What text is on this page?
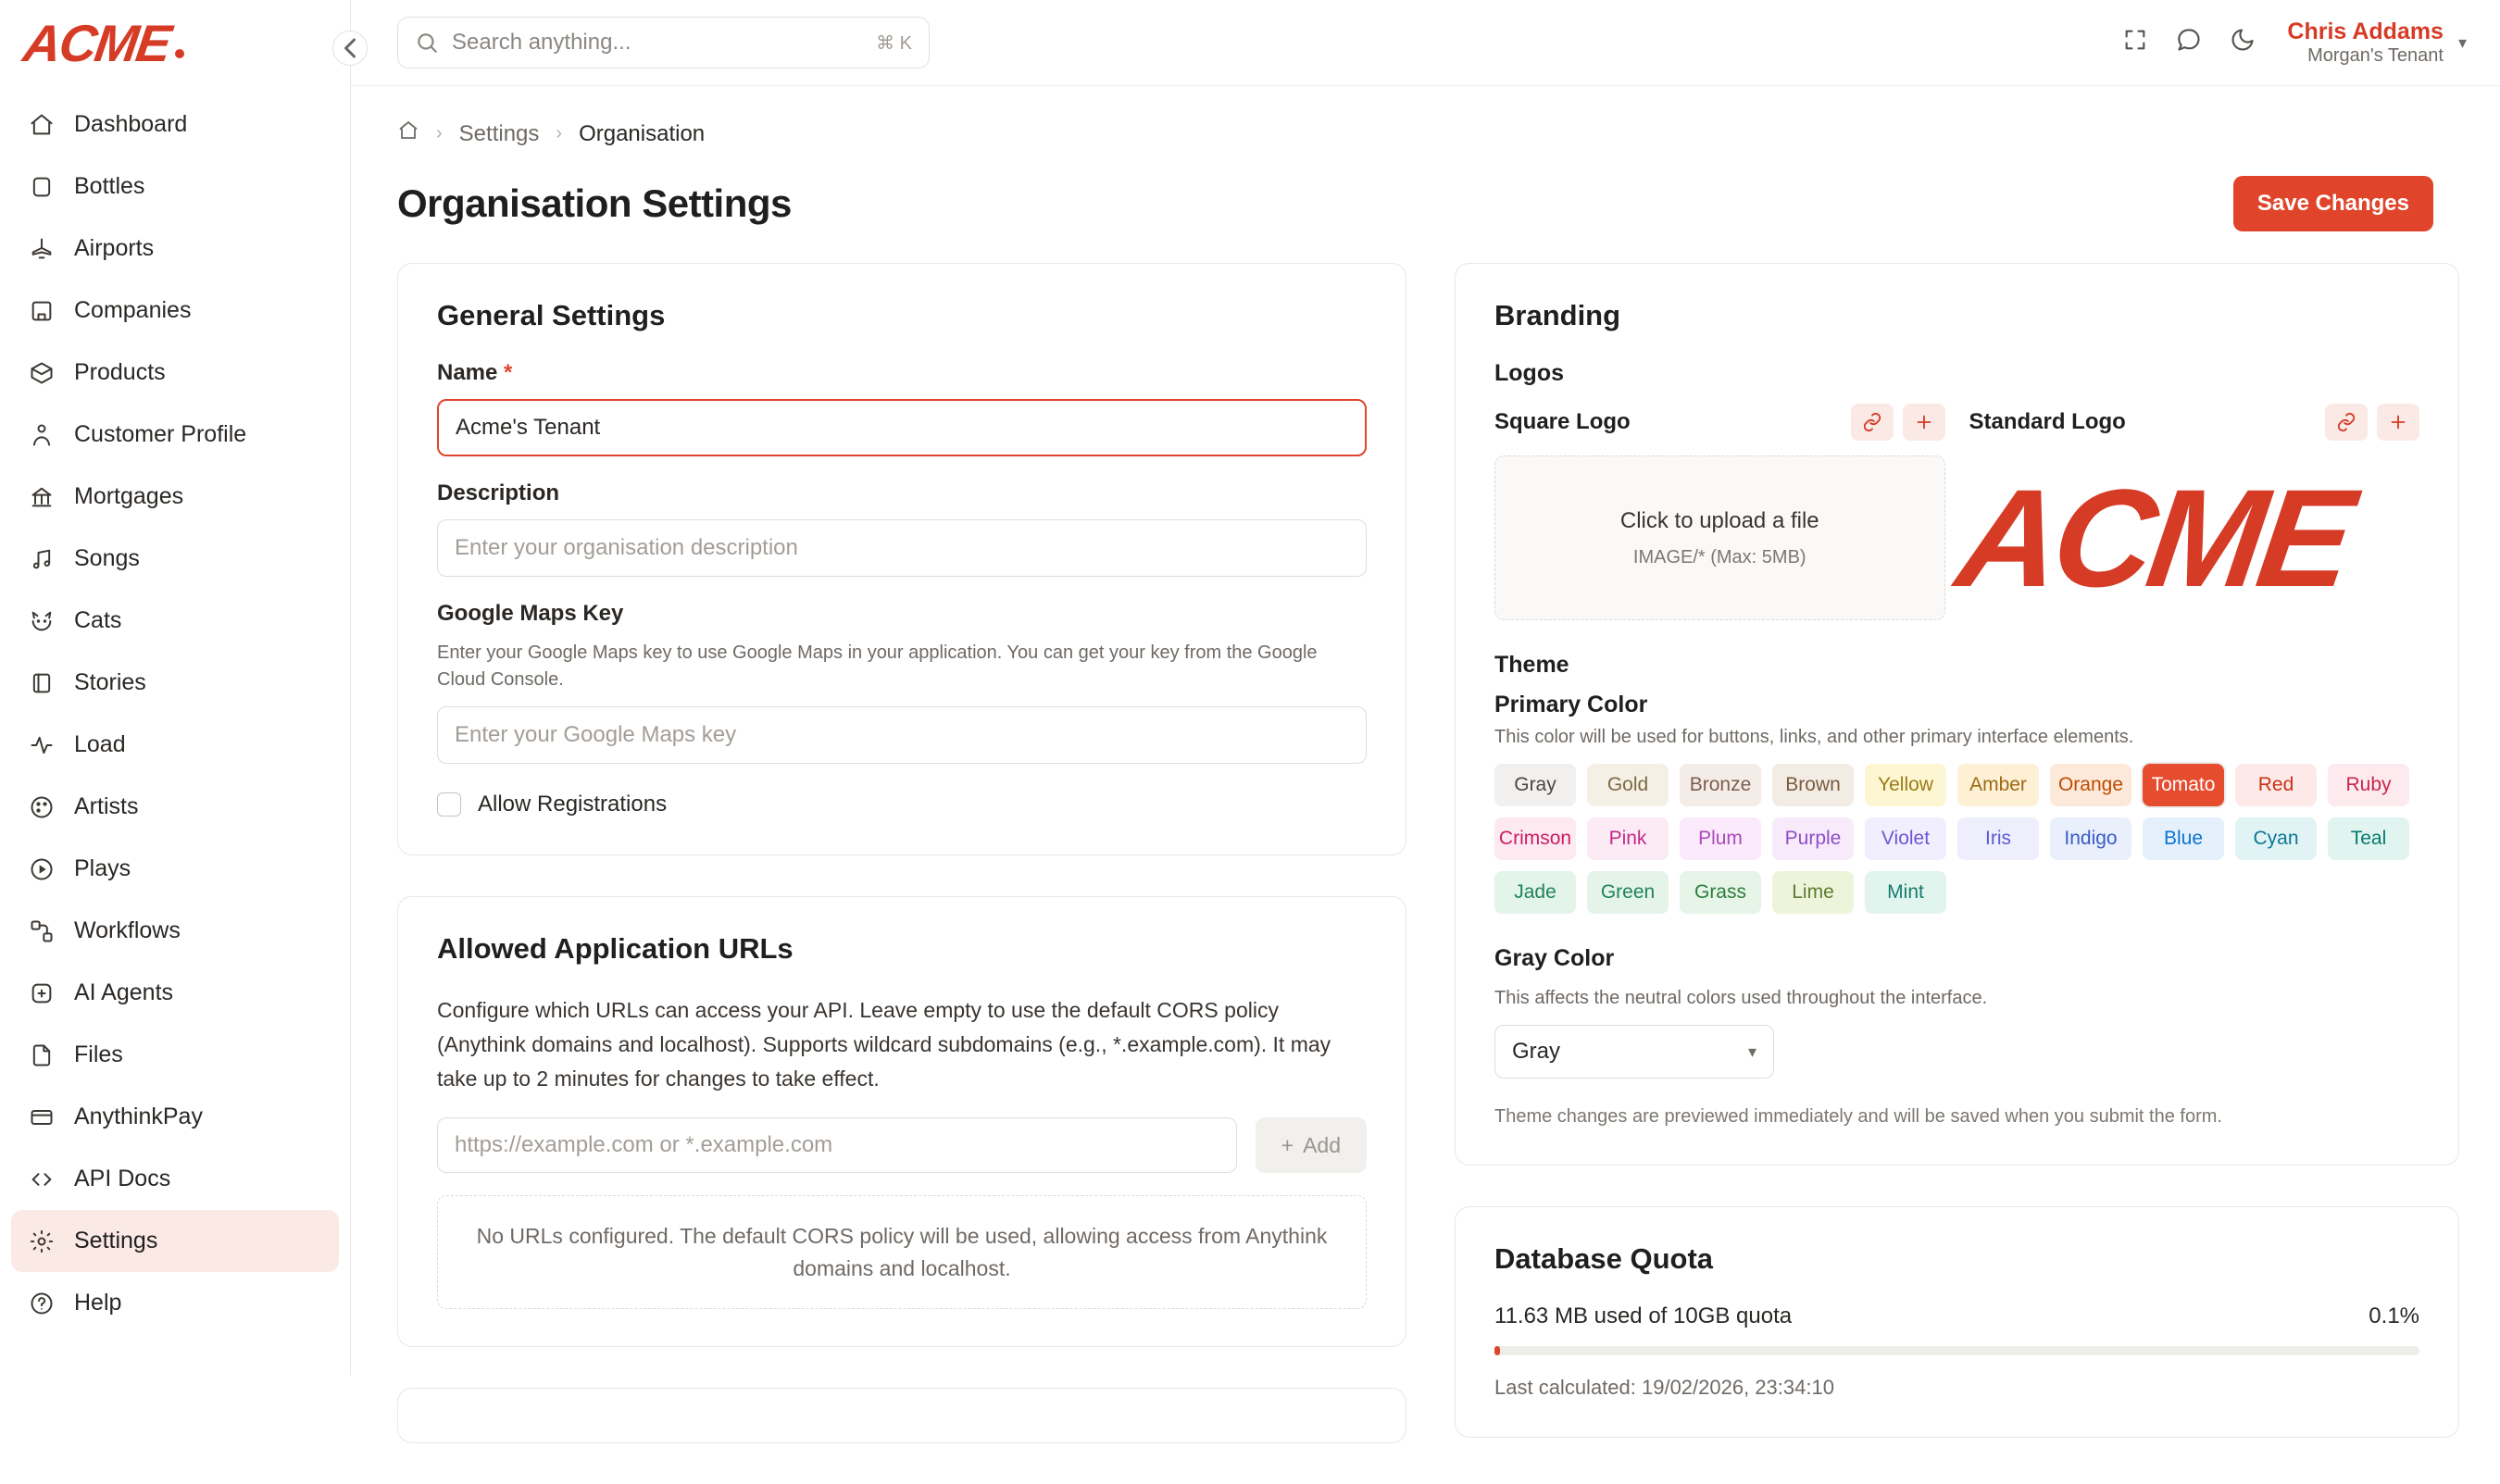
ACME
Dashboard
Bottles
Airports
Companies
Products
Customer Profile
Mortgages
Songs
Cats
Stories
Load
Artists
Plays
Workflows
AI Agents
Files
AnythinkPay
API Docs
Settings
Help
Search anything...	⌘ K	Chris Addams
Morgan's Tenant
▾
› Settings › Organisation
Organisation Settings	Save Changes
General Settings
Name *
Acme's Tenant
Description
Enter your organisation description
Google Maps Key
Enter your Google Maps key to use Google Maps in your application. You can get your key from the Google Cloud Console.
Enter your Google Maps key
Allow Registrations
Allowed Application URLs
Configure which URLs can access your API. Leave empty to use the default CORS policy (Anythink domains and localhost). Supports wildcard subdomains (e.g., *.example.com). It may take up to 2 minutes for changes to take effect.
https://example.com or *.example.com
+ Add
No URLs configured. The default CORS policy will be used, allowing access from Anythink domains and localhost.
Branding
Logos
Square Logo
Click to upload a file
IMAGE/* (Max: 5MB)
Standard Logo
ACME
Theme
Primary Color
This color will be used for buttons, links, and other primary interface elements.
Gray	Gold	Bronze	Brown	Yellow	Amber	Orange	Tomato	Red	Ruby
Crimson	Pink	Plum	Purple	Violet	Iris	Indigo	Blue	Cyan	Teal
Jade	Green	Grass	Lime	Mint
Gray Color
This affects the neutral colors used throughout the interface.
Gray	▾
Theme changes are previewed immediately and will be saved when you submit the form.
Database Quota
11.63 MB used of 10GB quota	0.1%
Last calculated: 19/02/2026, 23:34:10
